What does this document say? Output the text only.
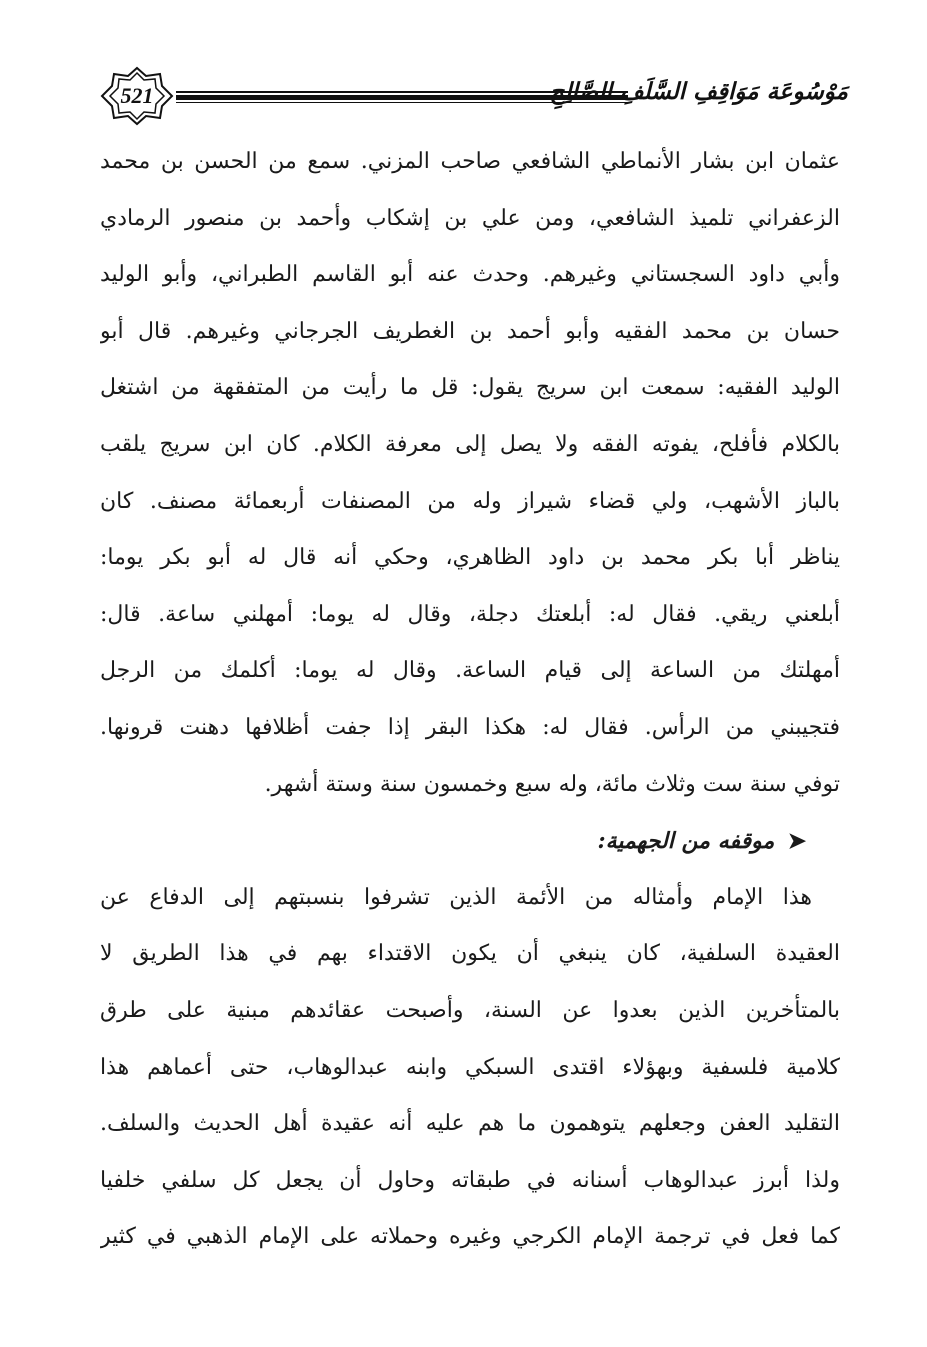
521	مَوْسُوعَة مَوَاقِفِ السَّلَفِ الصَّالِحِ
عثمان ابن بشار الأنماطي الشافعي صاحب المزني. سمع من الحسن بن محمد
الزعفراني تلميذ الشافعي، ومن علي بن إشكاب وأحمد بن منصور الرمادي
وأبي داود السجستاني وغيرهم. وحدث عنه أبو القاسم الطبراني، وأبو الوليد
حسان بن محمد الفقيه وأبو أحمد بن الغطريف الجرجاني وغيرهم. قال أبو
الوليد الفقيه: سمعت ابن سريج يقول: قل ما رأيت من المتفقهة من اشتغل
بالكلام فأفلح، يفوته الفقه ولا يصل إلى معرفة الكلام. كان ابن سريج يلقب
بالباز الأشهب، ولي قضاء شيراز وله من المصنفات أربعمائة مصنف. كان
يناظر أبا بكر محمد بن داود الظاهري، وحكي أنه قال له أبو بكر يوما:
أبلعني ريقي. فقال له: أبلعتك دجلة، وقال له يوما: أمهلني ساعة. قال:
أمهلتك من الساعة إلى قيام الساعة. وقال له يوما: أكلمك من الرجل
فتجيبني من الرأس. فقال له: هكذا البقر إذا جفت أظلافها دهنت قرونها.
توفي سنة ست وثلاث مائة، وله سبع وخمسون سنة وستة أشهر.
➤ موقفه من الجهمية:
هذا الإمام وأمثاله من الأئمة الذين تشرفوا بنسبتهم إلى الدفاع عن
العقيدة السلفية، كان ينبغي أن يكون الاقتداء بهم في هذا الطريق لا
بالمتأخرين الذين بعدوا عن السنة، وأصبحت عقائدهم مبنية على طرق
كلامية فلسفية وبهؤلاء اقتدى السبكي وابنه عبدالوهاب، حتى أعماهم هذا
التقليد العفن وجعلهم يتوهمون ما هم عليه أنه عقيدة أهل الحديث والسلف.
ولذا أبرز عبدالوهاب أسنانه في طبقاته وحاول أن يجعل كل سلفي خلفيا
كما فعل في ترجمة الإمام الكرجي وغيره وحملاته على الإمام الذهبي في كثير
